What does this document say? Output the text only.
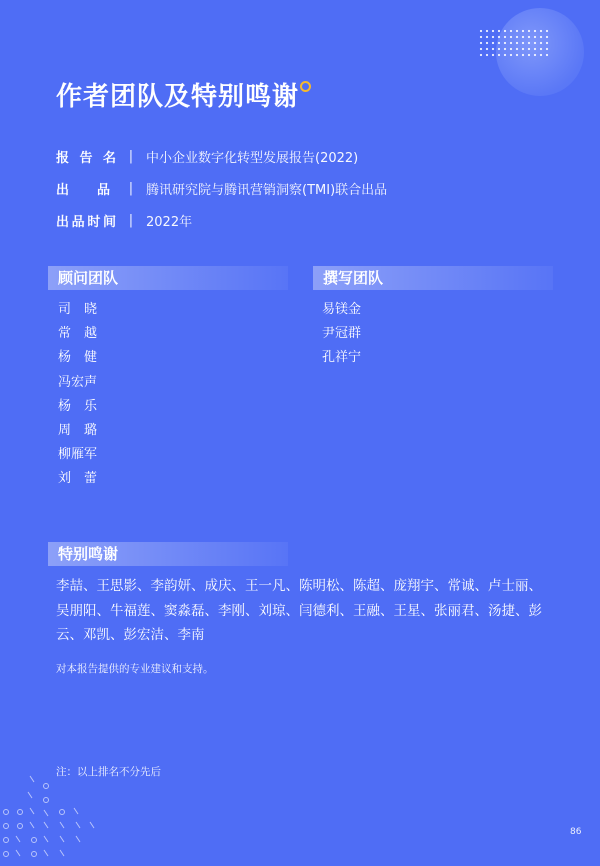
作者团队及特别鸣谢
报 告 名 | 中小企业数字化转型发展报告(2022)
出 品	| 腾讯研究院与腾讯营销洞察(TMI)联合出品
出 品 时 间 | 2022年
顾问团队
司　晓
常　越
杨　健
冯宏声
杨　乐
周　璐
柳雁军
刘　蕾
撰写团队
易镁金
尹冠群
孔祥宁
特别鸣谢
李喆、王思影、李韵妍、成庆、王一凡、陈明松、陈超、庞翔宇、常诚、卢士丽、
吴朋阳、牛福莲、窦淼磊、李刚、刘琼、闫德利、王融、王星、张丽君、汤捷、彭
云、邓凯、彭宏洁、李南
对本报告提供的专业建议和支持。
注：以上排名不分先后
86
